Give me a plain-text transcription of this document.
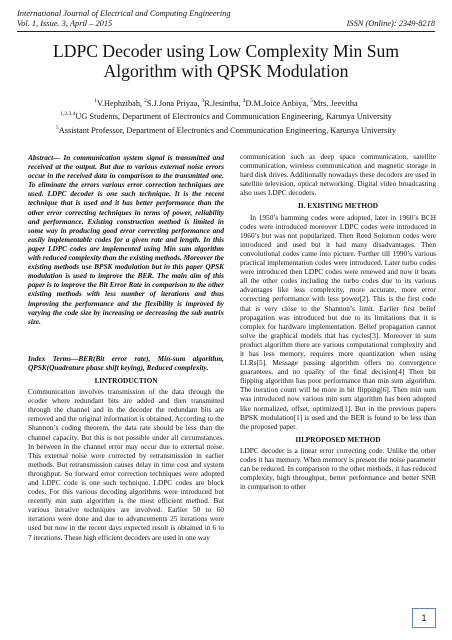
International Journal of Electrical and Computing Engineering
Vol. 1, Issue. 3, April – 2015	ISSN (Online): 2349-8218
LDPC Decoder using Low Complexity Min Sum Algorithm with QPSK Modulation
$^1$V.Hephzibah, $^2$S.J.Jona Priyaa, $^3$R.Jesintha, $^4$D.M.Joice Anbiya, $^5$Mrs. Jeevitha
$^{1,2,3,4}$UG Students, Department of Electronics and Communication Engineering, Karunya University
$^5$Assistant Professor, Department of Electronics and Communication Engineering, Karunya University

Abstract— In communication system signal is transmitted and received at the output. But due to various external noise errors occur in the received data in comparison to the transmitted one. To eliminate the errors various error correction techniques are used. LDPC decoder is one such technique. It is the recent technique that is used and it has better performance than the other error correcting techniques in terms of power, reliability and performance. Existing construction method is limited in some way in producing good error correcting performance and easily implementable codes for a given rate and length. In this paper LDPC codes are implemented using Min sum algorithm with reduced complexity than the existing methods. Moreover the existing methods use BPSK modulation but in this paper QPSK modulation is used to improve the BER. The main aim of this paper is to improve the Bit Error Rate in comparison to the other existing methods with less number of iterations and thus improving the performance and the flexibility is improved by varying the code size by increasing or decreasing the sub matrix size.

Index Terms—BER(Bit error rate), Min-sum algorithm, QPSK(Quadrature phase shift keying), Reduced complexity.

I.INTRODUCTION

Communication involves transmission of the data through the ecoder where redundant bits are added and then transmitted through the channel and in the decoder the redundant bits are removed and the original information is obtained. According to the Shannon’s coding theorem, the data rate should be less than the channel capacity. But this is not possible under all circumstances. In between in the channel error may occur due to external noise. This external noise were corrected by retransmission in earlier methods. But retransmission causes delay in time cost and system throughput. So forward error correction techniques were adopted and LDPC code is one such technique. LDPC codes are block codes. For this various decoding algorithms were introduced but recently min sum algorithm is the most efficient method. But various iterative techniques are involved. Earlier 50 to 60 iterations were done and due to advancements 25 iterations were used but now in the recent days expected result is obtained in 6 to 7 iterations. These high efficient decoders are used in one way

communication such as deep space communication, satellite communication, wireless communication and magnetic storage in hard disk drives. Additionally nowadays these decoders are used in satellite television, optical networking. Digital video broadcasting also uses LDPC decoders.

II. EXISTING METHOD

In 1950’s hamming codes were adopted, later in 1960’s BCH codes were introduced moreover LDPC codes were introduced in 1960’s but was not popularized. Then Reed Solomon codes were introduced and used but it had many disadvantages. Then convolutional codes came into picture. Further till 1990’s various practical implementation codes were introduced. Later turbo codes were introduced then LDPC codes were renewed and now it beats all the other codes including the turbo codes due to its various advantages like less complexity, more accurate, more error correcting performance with less power[2]. This is the first code that is very close to the Shannon’s limit. Earlier first belief propagation was introduced but due to its limitations that it is complex for hardware implementation. Belief propagation cannot solve the graphical models that has cycles[3]. Moreover in sum product algorithm there are various computational complexity and it has less memory, requires more quantization when using LLRs[5]. Message passing algorithm offers no convergence guarantees, and no quality of the final decision[4] Then bit flipping algorithm has poor performance than min sum algorithm. The iteration count will be more in bit flipping[6]. Then min sum was introduced now various min sum algorithm has been adopted like normalized, offset, optimized[1]. But in the previous papers BPSK modulation[1] is used and the BER is found to be less than the proposed paper.

III.PROPOSED METHOD

LDPC decoder is a linear error correcting code. Unlike the other codes it has memory. When memory is present the noise parameter can be reduced. In comparison to the other methods, it has reduced complexity, high throughput, better performance and better SNR in comparison to other

1
